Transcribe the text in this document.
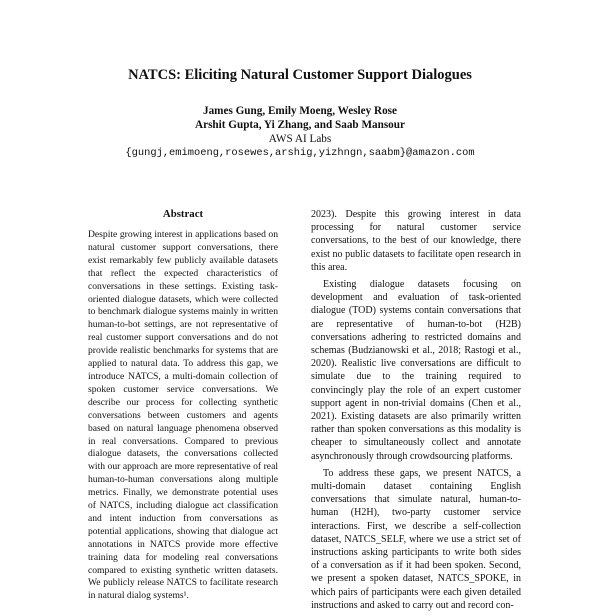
NATCS: Eliciting Natural Customer Support Dialogues
James Gung, Emily Moeng, Wesley Rose
Arshit Gupta, Yi Zhang, and Saab Mansour
AWS AI Labs
{gungj,emimoeng,rosewes,arshig,yizhngn,saabm}@amazon.com
Abstract

Despite growing interest in applications based on natural customer support conversations, there exist remarkably few publicly available datasets that reflect the expected characteristics of conversations in these settings. Existing task-oriented dialogue datasets, which were collected to benchmark dialogue systems mainly in written human-to-bot settings, are not representative of real customer support conversations and do not provide realistic benchmarks for systems that are applied to natural data. To address this gap, we introduce NATCS, a multi-domain collection of spoken customer service conversations. We describe our process for collecting synthetic conversations between customers and agents based on natural language phenomena observed in real conversations. Compared to previous dialogue datasets, the conversations collected with our approach are more representative of real human-to-human conversations along multiple metrics. Finally, we demonstrate potential uses of NATCS, including dialogue act classification and intent induction from conversations as potential applications, showing that dialogue act annotations in NATCS provide more effective training data for modeling real conversations compared to existing synthetic written datasets. We publicly release NATCS to facilitate research in natural dialog systems¹.

2023). Despite this growing interest in data processing for natural customer service conversations, to the best of our knowledge, there exist no public datasets to facilitate open research in this area.

Existing dialogue datasets focusing on development and evaluation of task-oriented dialogue (TOD) systems contain conversations that are representative of human-to-bot (H2B) conversations adhering to restricted domains and schemas (Budzianowski et al., 2018; Rastogi et al., 2020). Realistic live conversations are difficult to simulate due to the training required to convincingly play the role of an expert customer support agent in non-trivial domains (Chen et al., 2021). Existing datasets are also primarily written rather than spoken conversations as this modality is cheaper to simultaneously collect and annotate asynchronously through crowdsourcing platforms.

To address these gaps, we present NATCS, a multi-domain dataset containing English conversations that simulate natural, human-to-human (H2H), two-party customer service interactions. First, we describe a self-collection dataset, NATCS_SELF, where we use a strict set of instructions asking participants to write both sides of a conversation as if it had been spoken. Second, we present a spoken dataset, NATCS_SPOKE, in which pairs of participants were each given detailed instructions and asked to carry out and record con-
